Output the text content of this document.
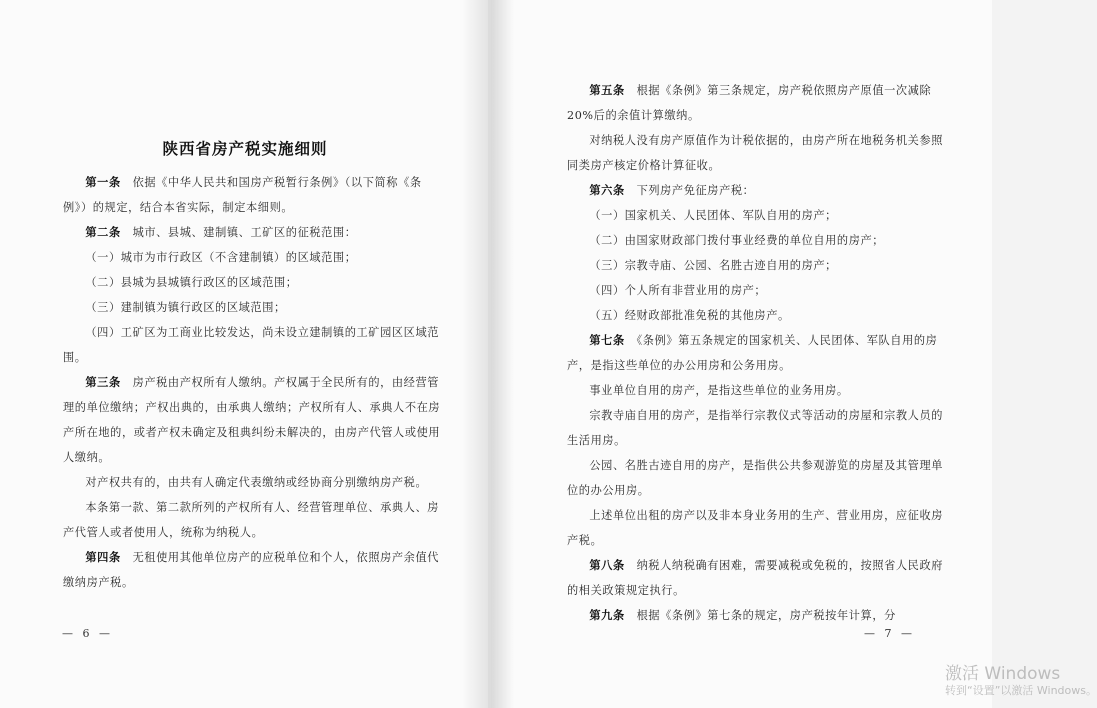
陕西省房产税实施细则

第一条　 依据《中华人民共和国房产税暂行条例》（以下简称《条例》）的规定，结合本省实际，制定本细则。

第二条　 城市、县城、建制镇、工矿区的征税范围：

（一）城市为市行政区（不含建制镇）的区域范围；

（二）县城为县城镇行政区的区域范围；

（三）建制镇为镇行政区的区域范围；

（四）工矿区为工商业比较发达，尚未设立建制镇的工矿园区区域范围。

第三条　 房产税由产权所有人缴纳。产权属于全民所有的，由经营管理的单位缴纳；产权出典的，由承典人缴纳；产权所有人、承典人不在房产所在地的，或者产权未确定及租典纠纷未解决的，由房产代管人或使用人缴纳。

对产权共有的，由共有人确定代表缴纳或经协商分别缴纳房产税。

本条第一款、第二款所列的产权所有人、经营管理单位、承典人、房产代管人或者使用人，统称为纳税人。

第四条　 无租使用其他单位房产的应税单位和个人，依照房产余值代缴纳房产税。

— 6 —

第五条　 根据《条例》第三条规定，房产税依照房产原值一次减除20%后的余值计算缴纳。

对纳税人没有房产原值作为计税依据的，由房产所在地税务机关参照同类房产核定价格计算征收。

第六条　 下列房产免征房产税：

（一）国家机关、人民团体、军队自用的房产；

（二）由国家财政部门拨付事业经费的单位自用的房产；

（三）宗教寺庙、公园、名胜古迹自用的房产；

（四）个人所有非营业用的房产；

（五）经财政部批准免税的其他房产。

第七条　 《条例》第五条规定的国家机关、人民团体、军队自用的房产，是指这些单位的办公用房和公务用房。

事业单位自用的房产，是指这些单位的业务用房。

宗教寺庙自用的房产，是指举行宗教仪式等活动的房屋和宗教人员的生活用房。

公园、名胜古迹自用的房产，是指供公共参观游览的房屋及其管理单位的办公用房。

上述单位出租的房产以及非本身业务用的生产、营业用房，应征收房产税。

第八条　 纳税人纳税确有困难，需要减税或免税的，按照省人民政府的相关政策规定执行。

第九条　 根据《条例》第七条的规定，房产税按年计算，分

— 7 —
激活 Windows
转到“设置”以激活 Windows。
